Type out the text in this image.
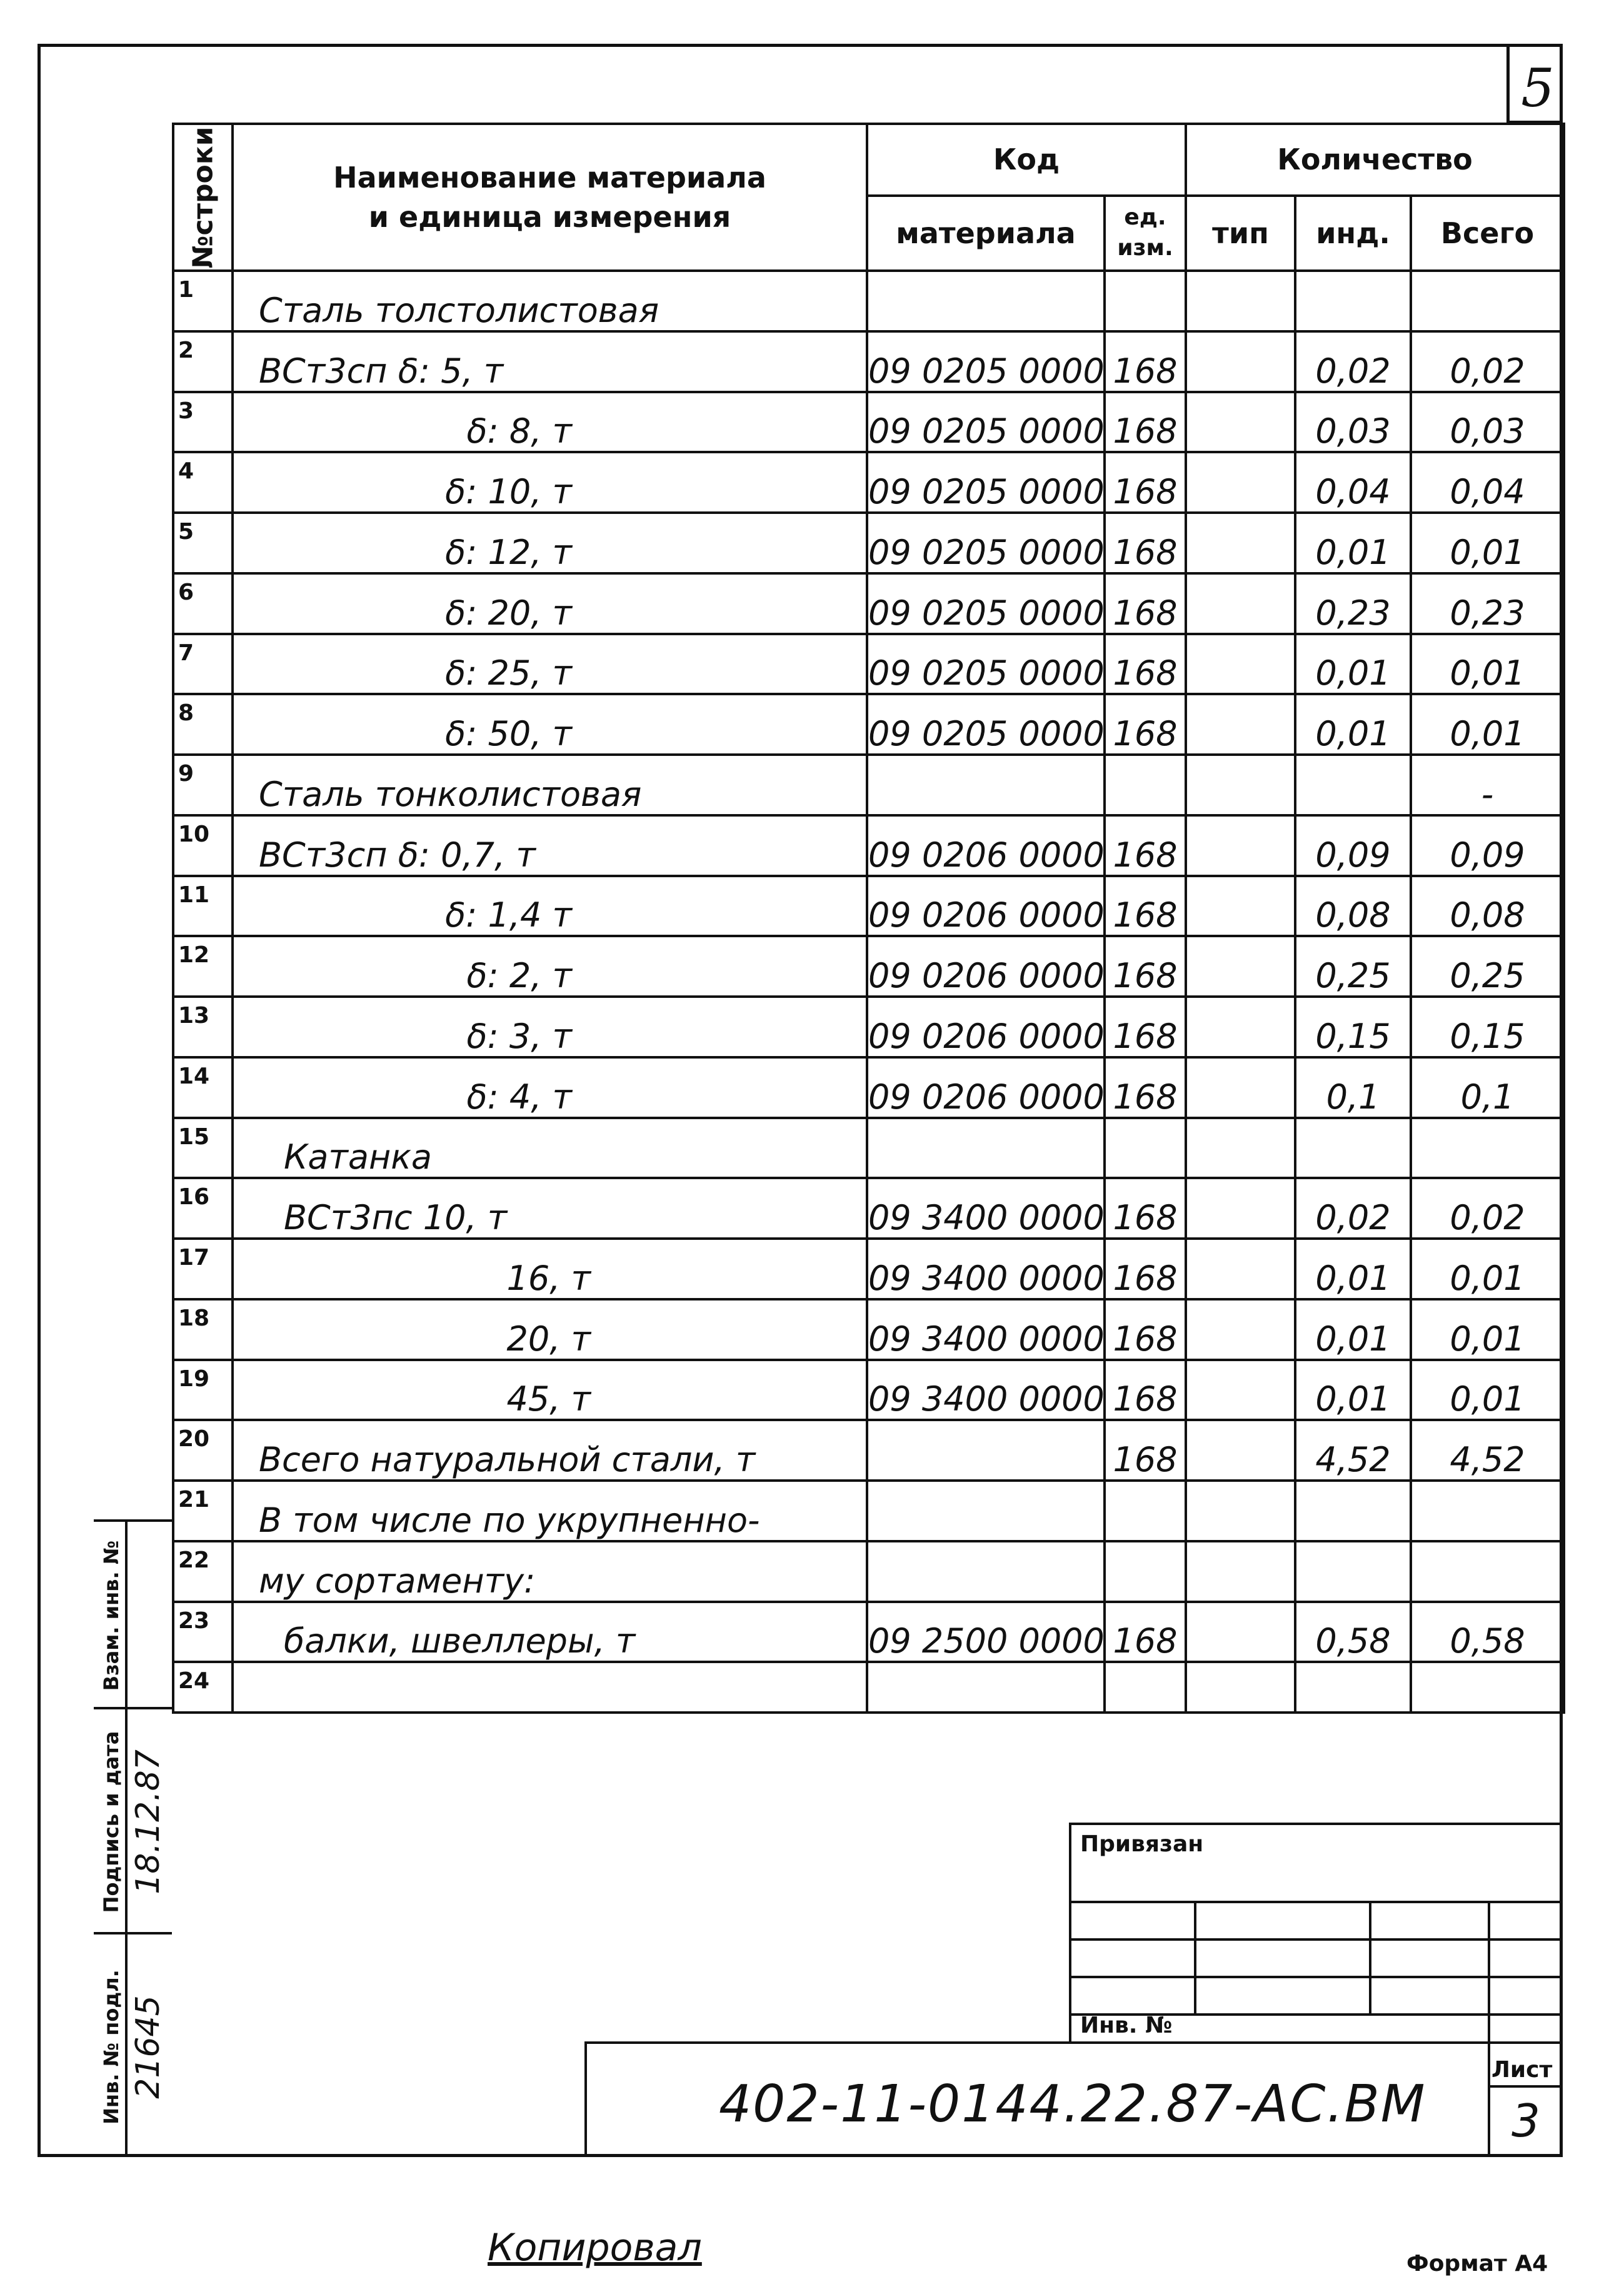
5
№строки	Наименование материала
и единица измерения	Код		Количество		
		материала	ед. изм.	тип	инд.	Всего
1	Сталь толстолистовая					
2	ВСт3сп δ: 5, т	09 0205 0000	168		0,02	0,02
3	δ: 8, т	09 0205 0000	168		0,03	0,03
4	δ: 10, т	09 0205 0000	168		0,04	0,04
5	δ: 12, т	09 0205 0000	168		0,01	0,01
6	δ: 20, т	09 0205 0000	168		0,23	0,23
7	δ: 25, т	09 0205 0000	168		0,01	0,01
8	δ: 50, т	09 0205 0000	168		0,01	0,01
9	Сталь тонколистовая					-
10	ВСт3сп δ: 0,7, т	09 0206 0000	168		0,09	0,09
11	δ: 1,4 т	09 0206 0000	168		0,08	0,08
12	δ: 2, т	09 0206 0000	168		0,25	0,25
13	δ: 3, т	09 0206 0000	168		0,15	0,15
14	δ: 4, т	09 0206 0000	168		0,1	0,1
15	Катанка					
16	ВСт3пс 10, т	09 3400 0000	168		0,02	0,02
17	16, т	09 3400 0000	168		0,01	0,01
18	20, т	09 3400 0000	168		0,01	0,01
19	45, т	09 3400 0000	168		0,01	0,01
20	Всего натуральной стали, т		168		4,52	4,52
21	В том числе по укрупненно-					
22	му сортаменту:					
23	балки, швеллеры, т	09 2500 0000	168		0,58	0,58
24						
Взам. инв. №
Подпись и дата 18.12.87
Инв. № подл. 21645
Привязан
Инв. №
402-11-0144.22.87-АС.ВМ
Лист
3
Копировал	Формат А4
